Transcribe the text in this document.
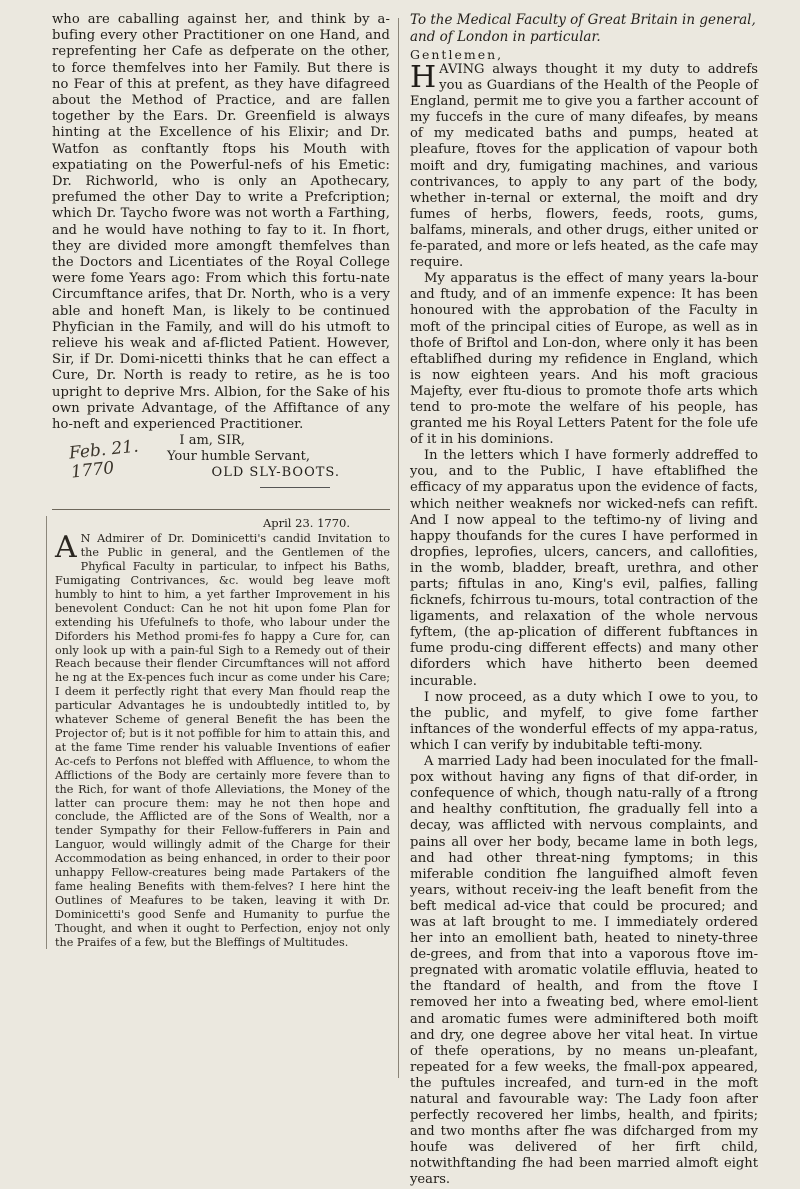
who are caballing against her, and think by a-bufing every other Practitioner on one Hand, and reprefenting her Cafe as defperate on the other, to force themfelves into her Family. But there is no Fear of this at prefent, as they have difagreed about the Method of Practice, and are fallen together by the Ears. Dr. Greenfield is always hinting at the Excellence of his Elixir; and Dr. Watfon as conftantly ftops his Mouth with expatiating on the Powerful-nefs of his Emetic: Dr. Richworld, who is only an Apothecary, prefumed the other Day to write a Prefcription; which Dr. Taycho fwore was not worth a Farthing, and he would have nothing to fay to it. In fhort, they are divided more amongft themfelves than the Doctors and Licentiates of the Royal College were fome Years ago: From which this fortu-nate Circumftance arifes, that Dr. North, who is a very able and honeft Man, is likely to be continued Phyfician in the Family, and will do his utmoft to relieve his weak and af-flicted Patient. However, Sir, if Dr. Domi-nicetti thinks that he can effect a Cure, Dr. North is ready to retire, as he is too upright to deprive Mrs. Albion, for the Sake of his own private Advantage, of the Affiftance of any ho-neft and experienced Practitioner.

Feb. 21.
1770
I am, SIR,
Your humble Servant,
OLD SLY-BOOTS.
April 23. 1770.

A N Admirer of Dr. Dominicetti's candid Invitation to the Public in general, and the Gentlemen of the Phyfical Faculty in particular, to infpect his Baths, Fumigating Contrivances, &c. would beg leave moft humbly to hint to him, a yet farther Improvement in his benevolent Conduct: Can he not hit upon fome Plan for extending his Ufefulnefs to thofe, who labour under the Diforders his Method promi-fes fo happy a Cure for, can only look up with a pain-ful Sigh to a Remedy out of their Reach because their flender Circumftances will not afford he ng at the Ex-pences fuch incur as come under his Care; I deem it perfectly right that every Man fhould reap the particular Advantages he is undoubtedly intitled to, by whatever Scheme of general Benefit the has been the Projector of; but is it not poffible for him to attain this, and at the fame Time render his valuable Inventions of eafier Ac-cefs to Perfons not bleffed with Affluence, to whom the Afflictions of the Body are certainly more fevere than to the Rich, for want of thofe Alleviations, the Money of the latter can procure them: may he not then hope and conclude, the Afflicted are of the Sons of Wealth, nor a tender Sympathy for their Fellow-fufferers in Pain and Languor, would willingly admit of the Charge for their Accommodation as being enhanced, in order to their poor unhappy Fellow-creatures being made Partakers of the fame healing Benefits with them-felves? I here hint the Outlines of Meafures to be taken, leaving it with Dr. Dominicetti's good Senfe and Humanity to purfue the Thought, and when it ought to Perfection, enjoy not only the Praifes of a few, but the Bleffings of Multitudes.

To the Medical Faculty of Great Britain in general, and of London in particular.

Gentlemen,

HAVING always thought it my duty to addrefs you as Guardians of the Health of the People of England, permit me to give you a farther account of my fuccefs in the cure of many difeafes, by means of my medicated baths and pumps, heated at pleafure, ftoves for the application of vapour both moift and dry, fumigating machines, and various contrivances, to apply to any part of the body, whether in-ternal or external, the moift and dry fumes of herbs, flowers, feeds, roots, gums, balfams, minerals, and other drugs, either united or fe-parated, and more or lefs heated, as the cafe may require.

My apparatus is the effect of many years la-bour and ftudy, and of an immenfe expence: It has been honoured with the approbation of the Faculty in moft of the principal cities of Europe, as well as in thofe of Briftol and Lon-don, where only it has been eftablifhed during my refidence in England, which is now eighteen years. And his moft gracious Majefty, ever ftu-dious to promote thofe arts which tend to pro-mote the welfare of his people, has granted me his Royal Letters Patent for the fole ufe of it in his dominions.

In the letters which I have formerly addreffed to you, and to the Public, I have eftablifhed the efficacy of my apparatus upon the evidence of facts, which neither weaknefs nor wicked-nefs can refift. And I now appeal to the teftimo-ny of living and happy thoufands for the cures I have performed in dropfies, leprofies, ulcers, cancers, and callofities, in the womb, bladder, breaft, urethra, and other parts; fiftulas in ano, King's evil, palfies, falling ficknefs, fchirrous tu-mours, total contraction of the ligaments, and relaxation of the whole nervous fyftem, (the ap-plication of different fubftances in fume produ-cing different effects) and many other diforders which have hitherto been deemed incurable.

I now proceed, as a duty which I owe to you, to the public, and myfelf, to give fome farther inftances of the wonderful effects of my appa-ratus, which I can verify by indubitable tefti-mony.

A married Lady had been inoculated for the fmall-pox without having any figns of that dif-order, in confequence of which, though natu-rally of a ftrong and healthy conftitution, fhe gradually fell into a decay, was afflicted with nervous complaints, and pains all over her body, became lame in both legs, and had other threat-ning fymptoms; in this miferable condition fhe languifhed almoft feven years, without receiv-ing the leaft benefit from the beft medical ad-vice that could be procured; and was at laft brought to me. I immediately ordered her into an emollient bath, heated to ninety-three de-grees, and from that into a vaporous ftove im-pregnated with aromatic volatile effluvia, heated to the ftandard of health, and from the ftove I removed her into a fweating bed, where emol-lient and aromatic fumes were adminiftered both moift and dry, one degree above her vital heat. In virtue of thefe operations, by no means un-pleafant, repeated for a few weeks, the fmall-pox appeared, the puftules increafed, and turn-ed in the moft natural and favourable way: The Lady foon after perfectly recovered her limbs, health, and fpirits; and two months after fhe was difcharged from my houfe was delivered of her firft child, notwithftanding fhe had been married almoft eight years.
